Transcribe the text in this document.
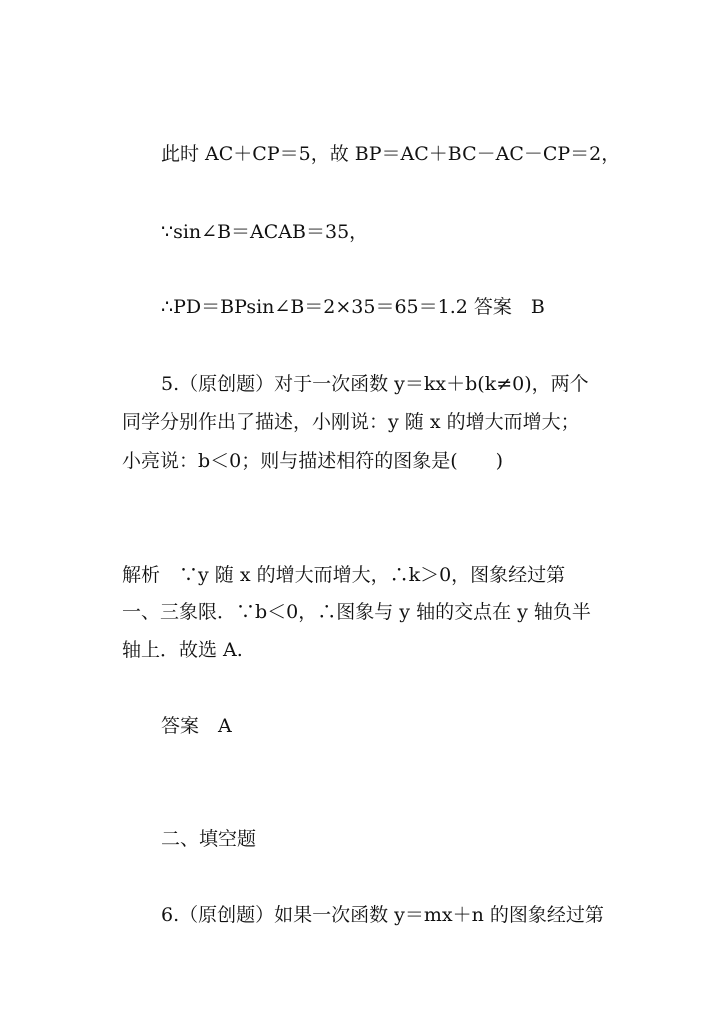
此时 AC＋CP＝5，故 BP＝AC＋BC－AC－CP＝2，
∵sin∠B＝ACAB＝35，
∴PD＝BPsin∠B＝2×35＝65＝1.2 答案　B
5.（原创题）对于一次函数 y＝kx＋b(k≠0)，两个
同学分别作出了描述，小刚说：y 随 x 的增大而增大；
小亮说：b＜0；则与描述相符的图象是(　　)
解析　∵y 随 x 的增大而增大，∴k＞0，图象经过第
一、三象限．∵b＜0，∴图象与 y 轴的交点在 y 轴负半
轴上．故选 A.
答案　A
二、填空题
6.（原创题）如果一次函数 y＝mx＋n 的图象经过第
